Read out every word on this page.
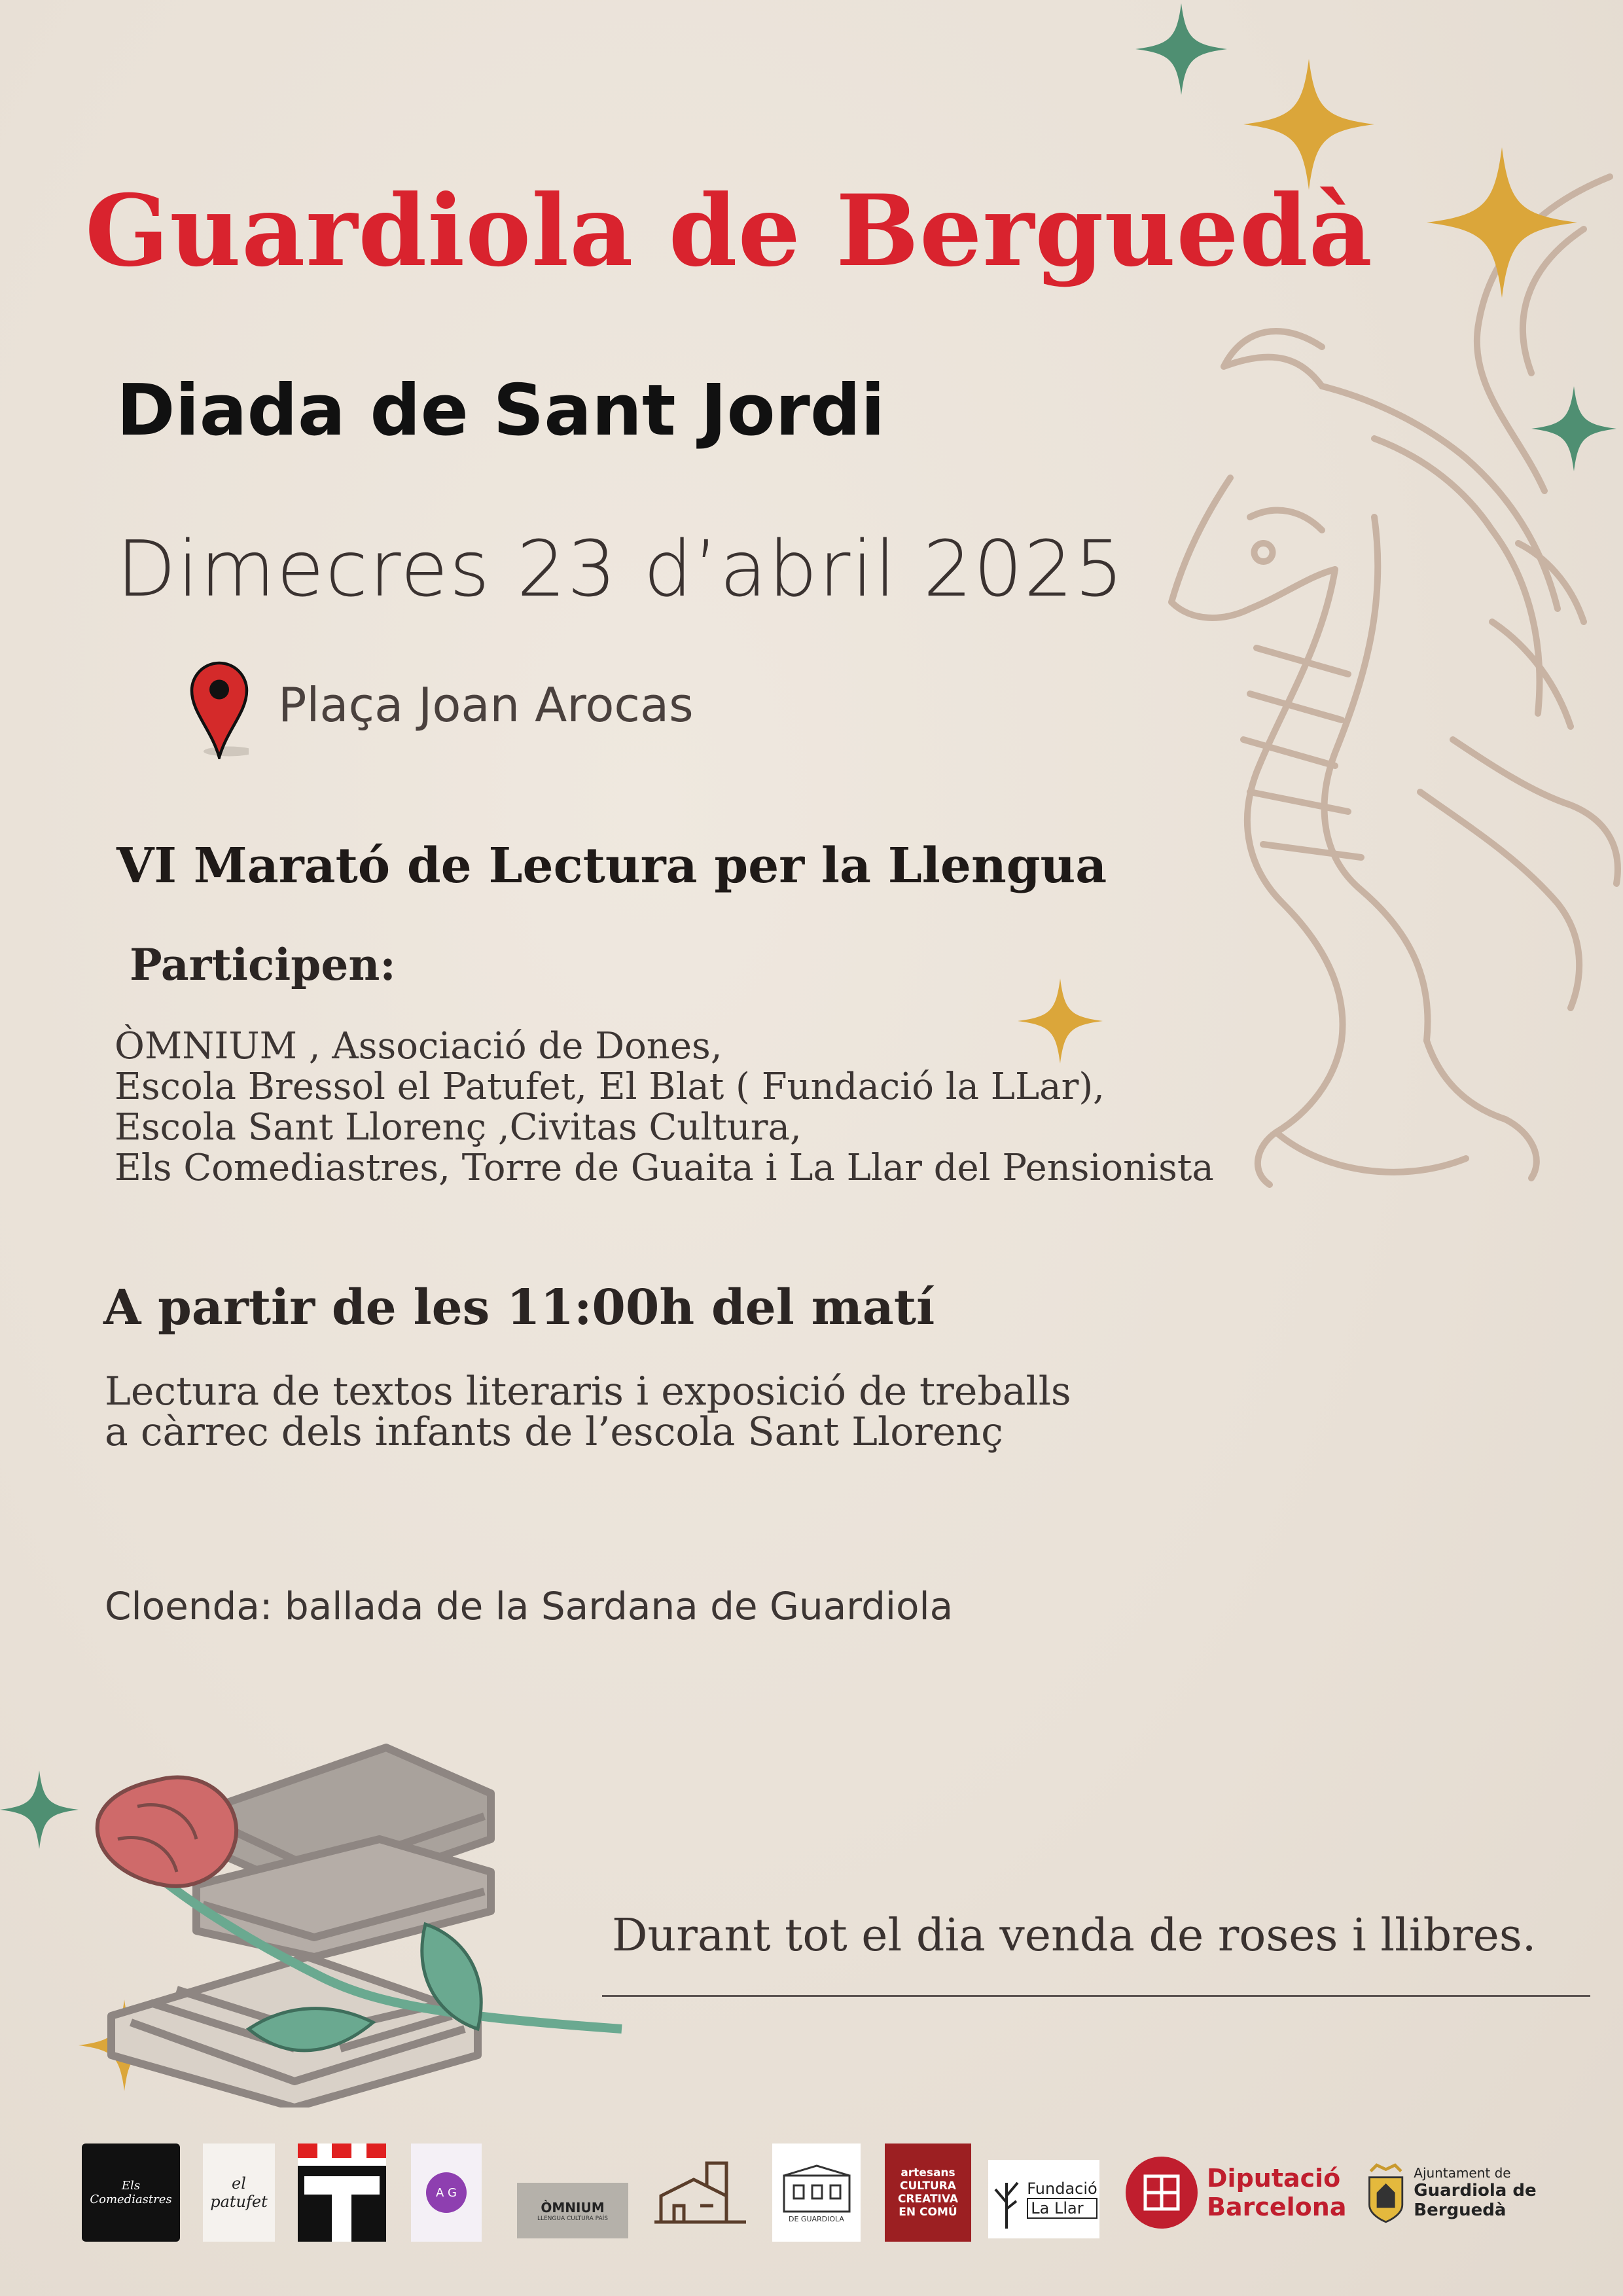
Guardiola de Berguedà
Diada de Sant Jordi
Dimecres 23 d’abril 2025
Plaça Joan Arocas
VI Marató de Lectura per la Llengua
Participen:
ÒMNIUM , Associació de Dones,
Escola Bressol el Patufet, El Blat ( Fundació la LLar),
Escola Sant Llorenç ,Civitas Cultura,
Els Comediastres, Torre de Guaita i La Llar del Pensionista
A partir de les 11:00h del matí
Lectura de textos literaris i exposició de treballs
a càrrec dels infants de l’escola Sant Llorenç
Cloenda: ballada de la Sardana de Guardiola
Durant tot el dia venda de roses i llibres.
Els Comediastres
el patufet	A G
ÒMNIUM
LLENGUA CULTURA PAÍS	DE GUARDIOLA
artesans
CULTURA
CREATIVA
EN COMÚ
Fundació
La Llar
Diputació
Barcelona
Ajuntament de
Guardiola de Berguedà
